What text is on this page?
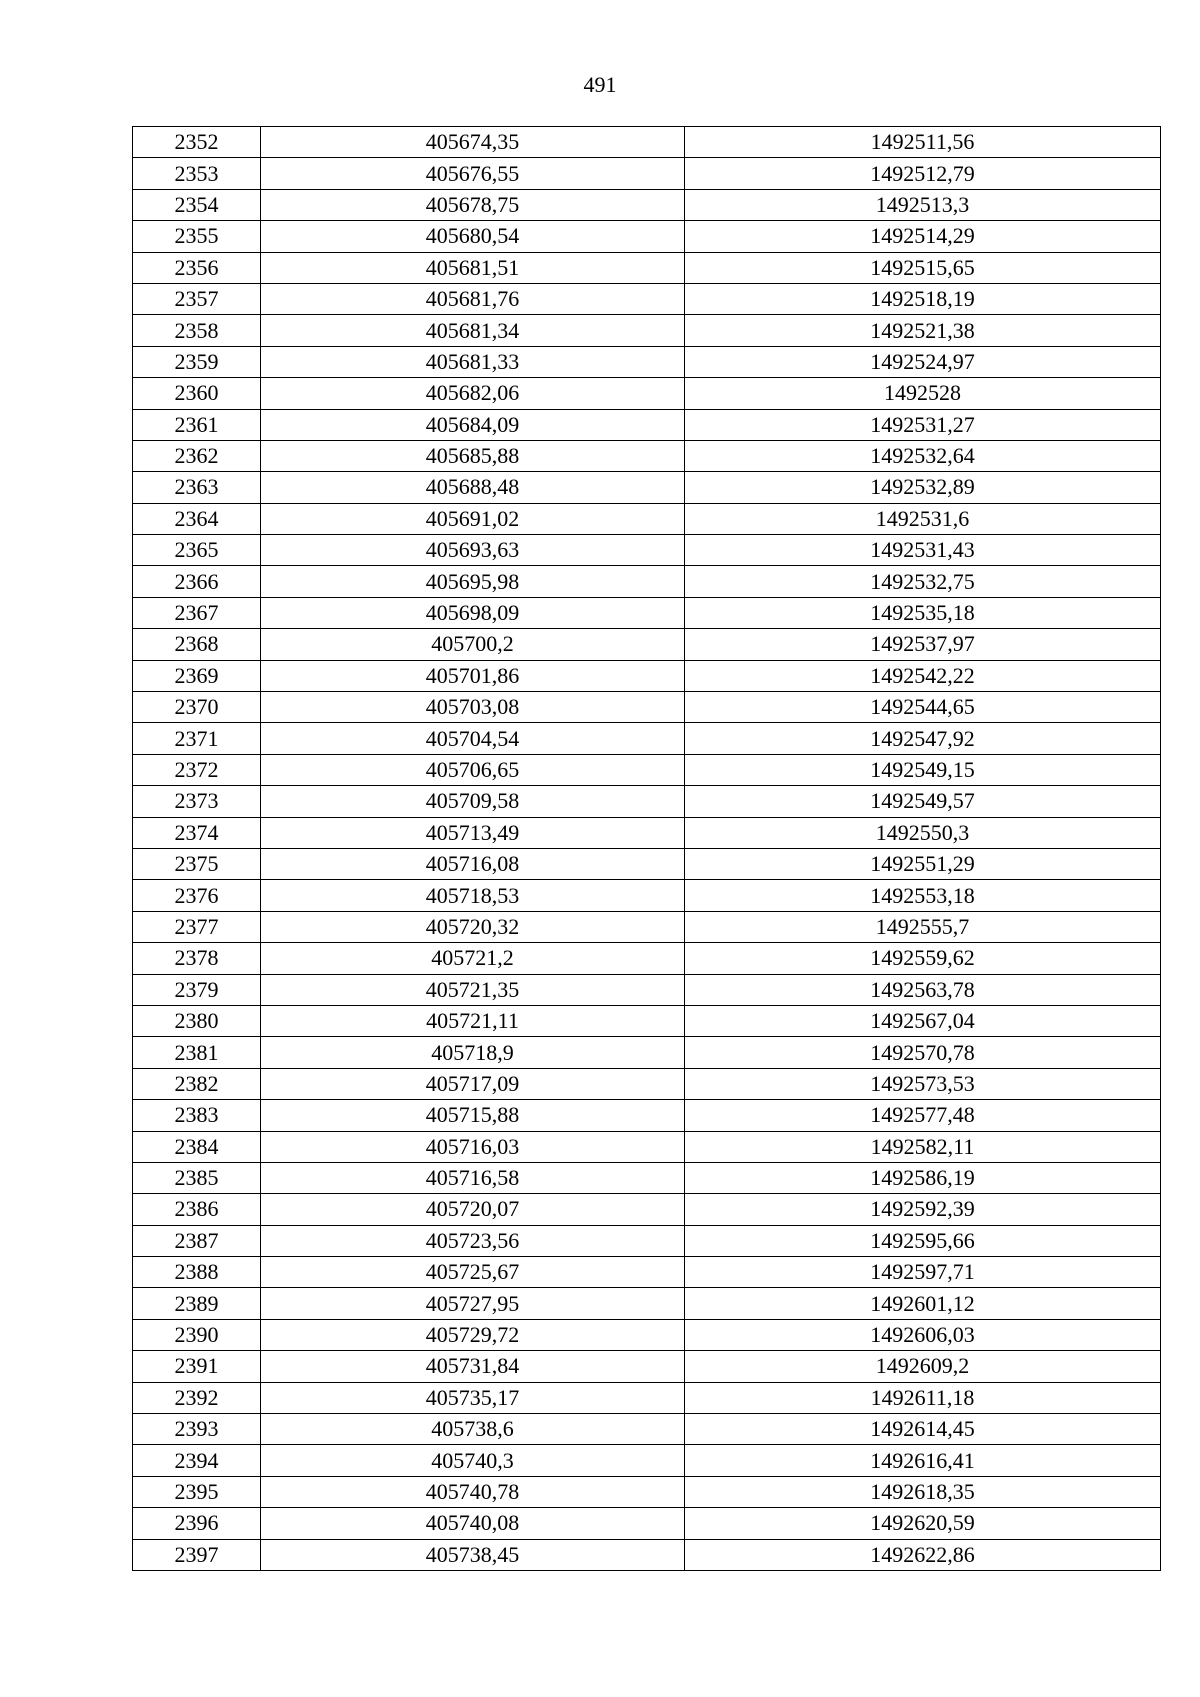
491
2352	405674,35	1492511,56
2353	405676,55	1492512,79
2354	405678,75	1492513,3
2355	405680,54	1492514,29
2356	405681,51	1492515,65
2357	405681,76	1492518,19
2358	405681,34	1492521,38
2359	405681,33	1492524,97
2360	405682,06	1492528
2361	405684,09	1492531,27
2362	405685,88	1492532,64
2363	405688,48	1492532,89
2364	405691,02	1492531,6
2365	405693,63	1492531,43
2366	405695,98	1492532,75
2367	405698,09	1492535,18
2368	405700,2	1492537,97
2369	405701,86	1492542,22
2370	405703,08	1492544,65
2371	405704,54	1492547,92
2372	405706,65	1492549,15
2373	405709,58	1492549,57
2374	405713,49	1492550,3
2375	405716,08	1492551,29
2376	405718,53	1492553,18
2377	405720,32	1492555,7
2378	405721,2	1492559,62
2379	405721,35	1492563,78
2380	405721,11	1492567,04
2381	405718,9	1492570,78
2382	405717,09	1492573,53
2383	405715,88	1492577,48
2384	405716,03	1492582,11
2385	405716,58	1492586,19
2386	405720,07	1492592,39
2387	405723,56	1492595,66
2388	405725,67	1492597,71
2389	405727,95	1492601,12
2390	405729,72	1492606,03
2391	405731,84	1492609,2
2392	405735,17	1492611,18
2393	405738,6	1492614,45
2394	405740,3	1492616,41
2395	405740,78	1492618,35
2396	405740,08	1492620,59
2397	405738,45	1492622,86
